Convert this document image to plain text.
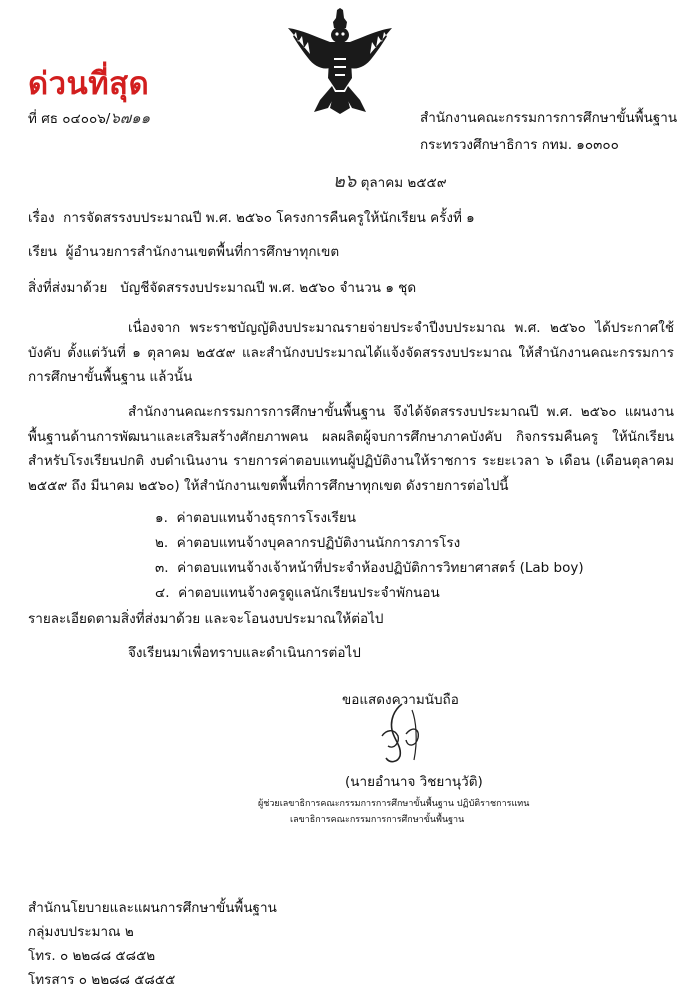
ด่วนที่สุด
ที่ ศธ ๐๔๐๐๖/๖๗๑๑	สำนักงานคณะกรรมการการศึกษาขั้นพื้นฐาน
กระทรวงศึกษาธิการ กทม. ๑๐๓๐๐
๒๖ ตุลาคม ๒๕๕๙
เรื่อง การจัดสรรงบประมาณปี พ.ศ. ๒๕๖๐ โครงการคืนครูให้นักเรียน ครั้งที่ ๑
เรียน ผู้อำนวยการสำนักงานเขตพื้นที่การศึกษาทุกเขต
สิ่งที่ส่งมาด้วย บัญชีจัดสรรงบประมาณปี พ.ศ. ๒๕๖๐ จำนวน ๑ ชุด
เนื่องจาก พระราชบัญญัติงบประมาณรายจ่ายประจำปีงบประมาณ พ.ศ. ๒๕๖๐ ได้ประกาศใช้บังคับ ตั้งแต่วันที่ ๑ ตุลาคม ๒๕๕๙ และสำนักงบประมาณได้แจ้งจัดสรรงบประมาณ ให้สำนักงานคณะกรรมการ การศึกษาขั้นพื้นฐาน แล้วนั้น
สำนักงานคณะกรรมการการศึกษาขั้นพื้นฐาน จึงได้จัดสรรงบประมาณปี พ.ศ. ๒๕๖๐ แผนงานพื้นฐานด้านการพัฒนาและเสริมสร้างศักยภาพคน ผลผลิตผู้จบการศึกษาภาคบังคับ กิจกรรมคืนครู ให้นักเรียนสำหรับโรงเรียนปกติ งบดำเนินงาน รายการค่าตอบแทนผู้ปฏิบัติงานให้ราชการ ระยะเวลา ๖ เดือน (เดือนตุลาคม ๒๕๕๙ ถึง มีนาคม ๒๕๖๐) ให้สำนักงานเขตพื้นที่การศึกษาทุกเขต ดังรายการต่อไปนี้
๑. ค่าตอบแทนจ้างธุรการโรงเรียน
๒. ค่าตอบแทนจ้างบุคลากรปฏิบัติงานนักการภารโรง
๓. ค่าตอบแทนจ้างเจ้าหน้าที่ประจำห้องปฏิบัติการวิทยาศาสตร์ (Lab boy)
๔. ค่าตอบแทนจ้างครูดูแลนักเรียนประจำพักนอน
รายละเอียดตามสิ่งที่ส่งมาด้วย และจะโอนงบประมาณให้ต่อไป
จึงเรียนมาเพื่อทราบและดำเนินการต่อไป
ขอแสดงความนับถือ
(นายอำนาจ วิชยานุวัติ)
ผู้ช่วยเลขาธิการคณะกรรมการการศึกษาขั้นพื้นฐาน ปฏิบัติราชการแทน
เลขาธิการคณะกรรมการการศึกษาขั้นพื้นฐาน
สำนักนโยบายและแผนการศึกษาขั้นพื้นฐาน
กลุ่มงบประมาณ ๒
โทร. ๐ ๒๒๘๘ ๕๘๕๒
โทรสาร ๐ ๒๒๘๘ ๕๘๕๕
